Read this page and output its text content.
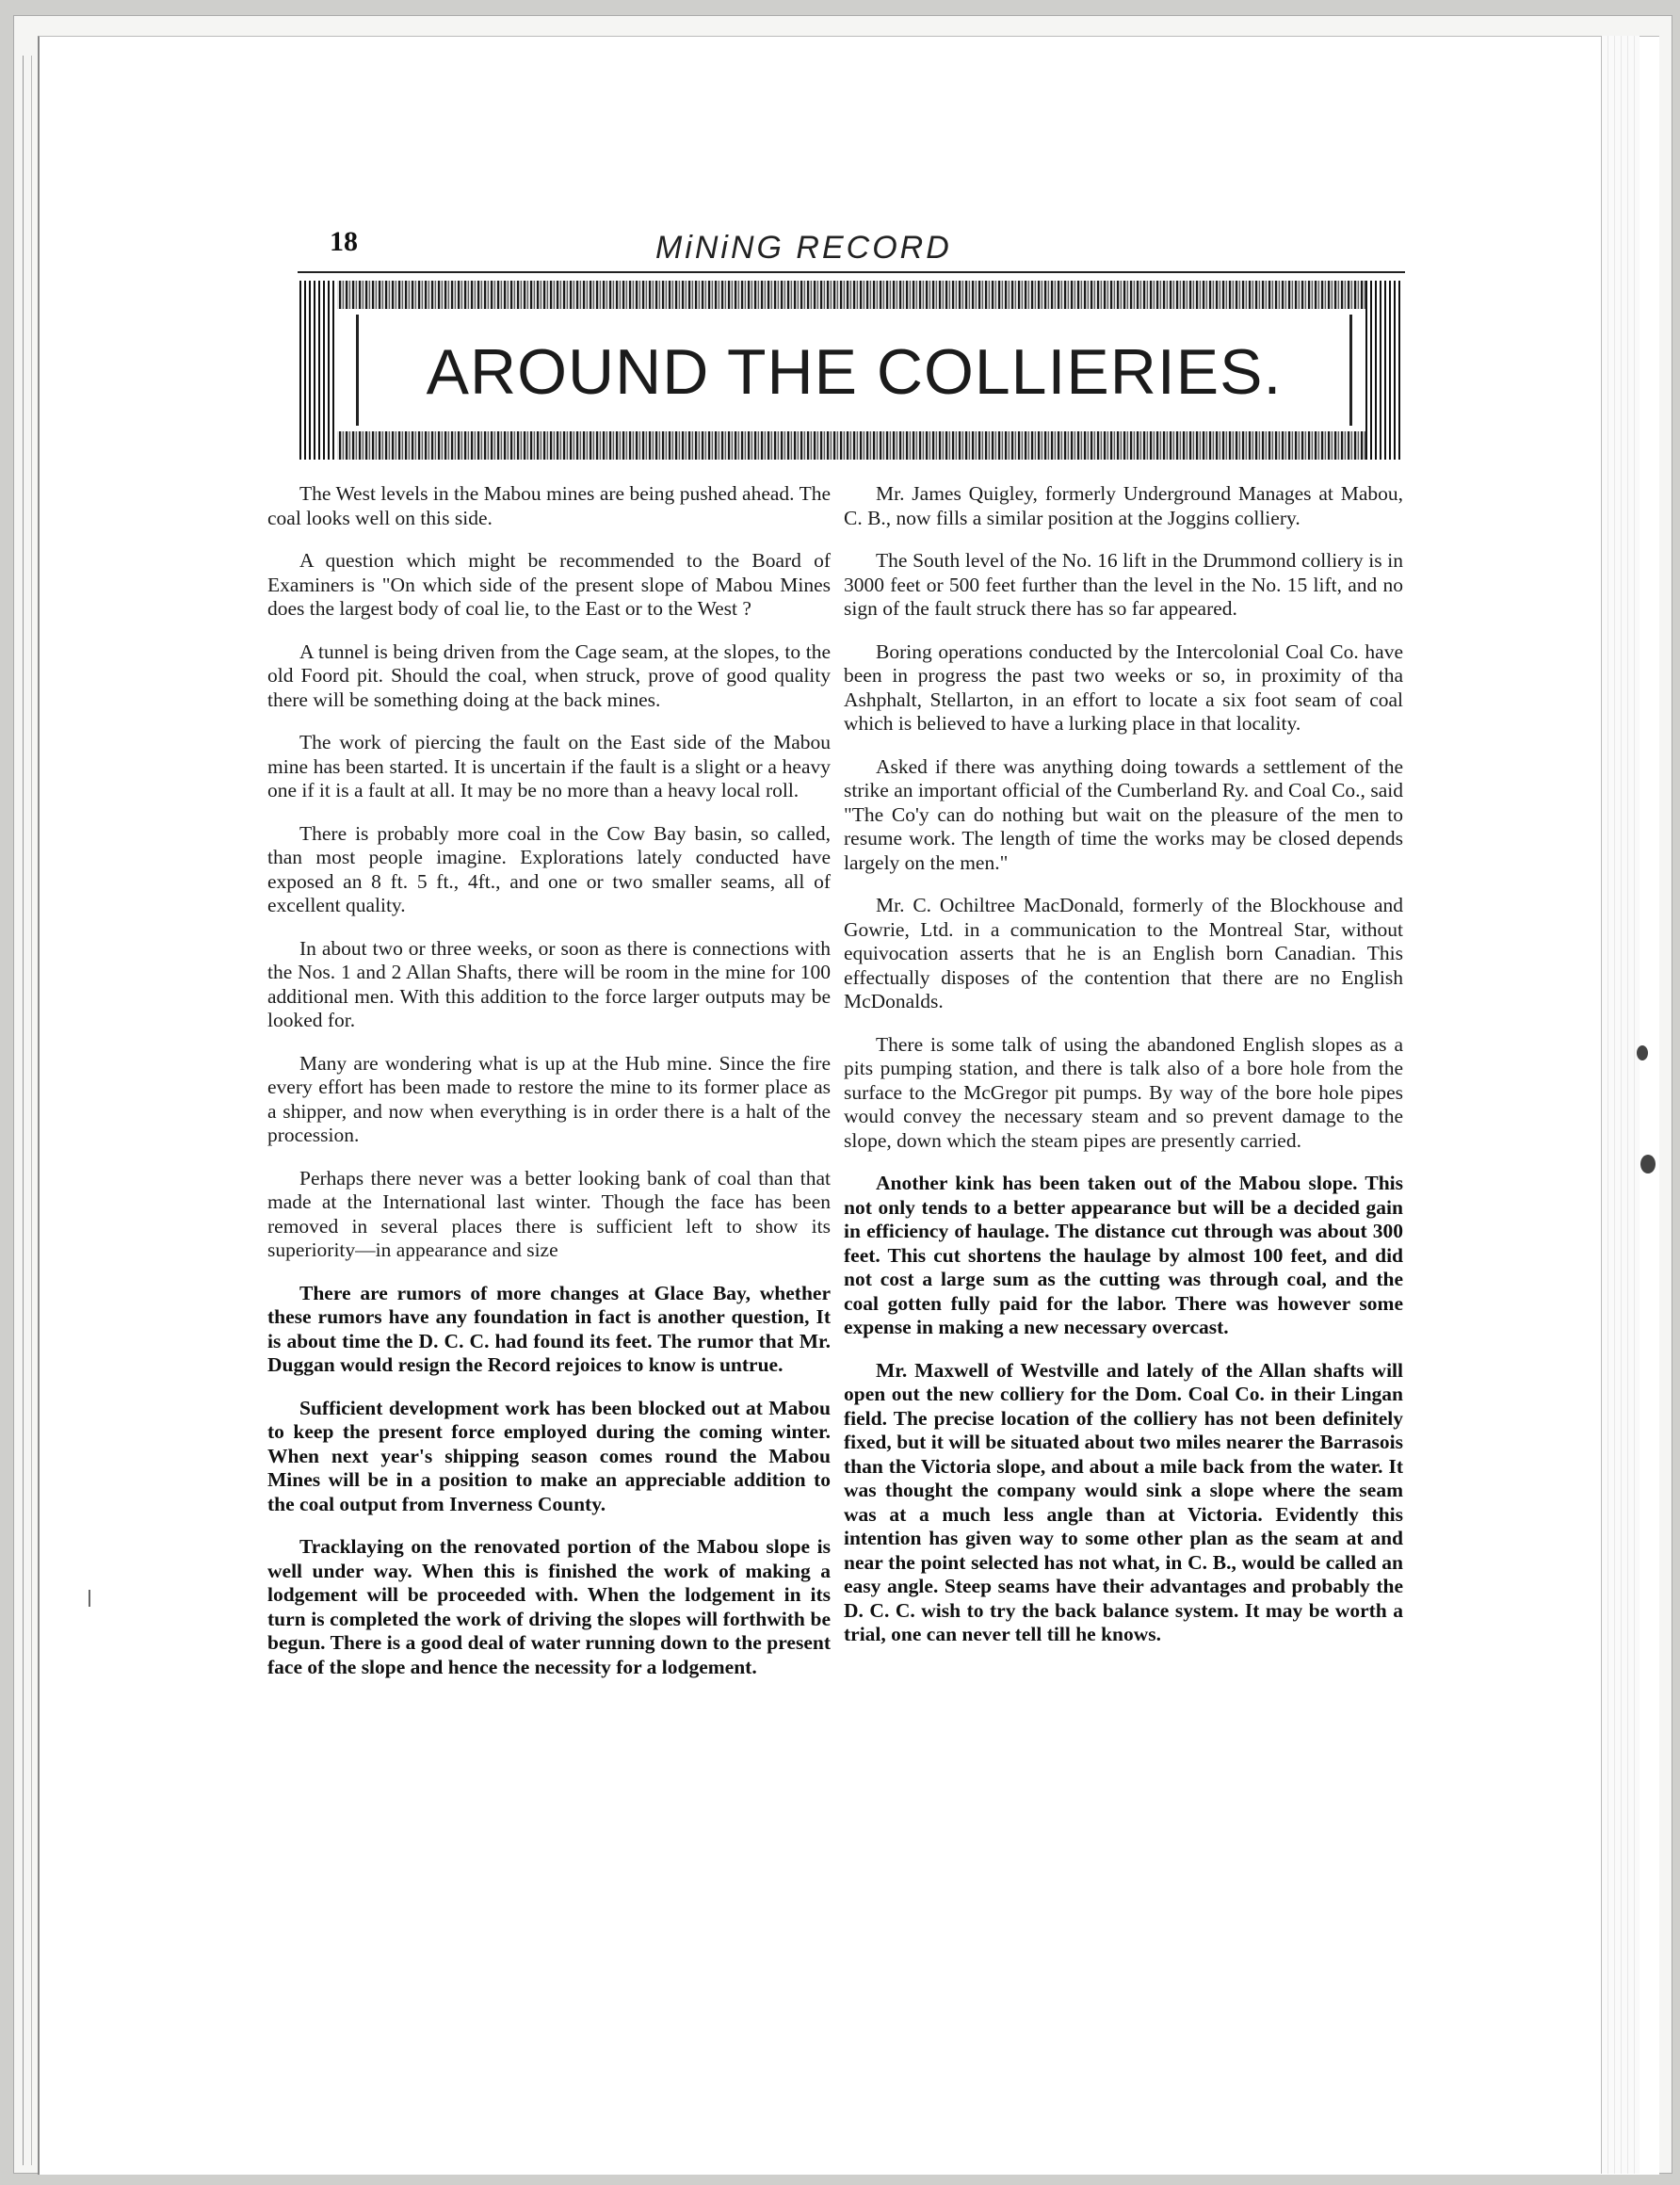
18	MiNiNG RECORD
AROUND THE COLLIERIES.

The West levels in the Mabou mines are being pushed ahead. The coal looks well on this side.

A question which might be recommended to the Board of Examiners is "On which side of the present slope of Mabou Mines does the largest body of coal lie, to the East or to the West ?

A tunnel is being driven from the Cage seam, at the slopes, to the old Foord pit. Should the coal, when struck, prove of good quality there will be something doing at the back mines.

The work of piercing the fault on the East side of the Mabou mine has been started. It is uncertain if the fault is a slight or a heavy one if it is a fault at all. It may be no more than a heavy local roll.

There is probably more coal in the Cow Bay basin, so called, than most people imagine. Explorations lately conducted have exposed an 8 ft. 5 ft., 4ft., and one or two smaller seams, all of excellent quality.

In about two or three weeks, or soon as there is connections with the Nos. 1 and 2 Allan Shafts, there will be room in the mine for 100 additional men. With this addition to the force larger outputs may be looked for.

Many are wondering what is up at the Hub mine. Since the fire every effort has been made to restore the mine to its former place as a shipper, and now when everything is in order there is a halt of the procession.

Perhaps there never was a better looking bank of coal than that made at the International last winter. Though the face has been removed in several places there is sufficient left to show its superiority—in appearance and size

There are rumors of more changes at Glace Bay, whether these rumors have any foundation in fact is another question, It is about time the D. C. C. had found its feet. The rumor that Mr. Duggan would resign the Record rejoices to know is untrue.

Sufficient development work has been blocked out at Mabou to keep the present force employed during the coming winter. When next year's shipping season comes round the Mabou Mines will be in a position to make an appreciable addition to the coal output from Inverness County.

Tracklaying on the renovated portion of the Mabou slope is well under way. When this is finished the work of making a lodgement will be proceeded with. When the lodgement in its turn is completed the work of driving the slopes will forthwith be begun. There is a good deal of water running down to the present face of the slope and hence the necessity for a lodgement.

Mr. James Quigley, formerly Underground Manages at Mabou, C. B., now fills a similar position at the Joggins colliery.

The South level of the No. 16 lift in the Drummond colliery is in 3000 feet or 500 feet further than the level in the No. 15 lift, and no sign of the fault struck there has so far appeared.

Boring operations conducted by the Intercolonial Coal Co. have been in progress the past two weeks or so, in proximity of tha Ashphalt, Stellarton, in an effort to locate a six foot seam of coal which is believed to have a lurking place in that locality.

Asked if there was anything doing towards a settlement of the strike an important official of the Cumberland Ry. and Coal Co., said "The Co'y can do nothing but wait on the pleasure of the men to resume work. The length of time the works may be closed depends largely on the men."

Mr. C. Ochiltree MacDonald, formerly of the Blockhouse and Gowrie, Ltd. in a communication to the Montreal Star, without equivocation asserts that he is an English born Canadian. This effectually disposes of the contention that there are no English McDonalds.

There is some talk of using the abandoned English slopes as a pits pumping station, and there is talk also of a bore hole from the surface to the McGregor pit pumps. By way of the bore hole pipes would convey the necessary steam and so prevent damage to the slope, down which the steam pipes are presently carried.

Another kink has been taken out of the Mabou slope. This not only tends to a better appearance but will be a decided gain in efficiency of haulage. The distance cut through was about 300 feet. This cut shortens the haulage by almost 100 feet, and did not cost a large sum as the cutting was through coal, and the coal gotten fully paid for the labor. There was however some expense in making a new necessary overcast.

Mr. Maxwell of Westville and lately of the Allan shafts will open out the new colliery for the Dom. Coal Co. in their Lingan field. The precise location of the colliery has not been definitely fixed, but it will be situated about two miles nearer the Barrasois than the Victoria slope, and about a mile back from the water. It was thought the company would sink a slope where the seam was at a much less angle than at Victoria. Evidently this intention has given way to some other plan as the seam at and near the point selected has not what, in C. B., would be called an easy angle. Steep seams have their advantages and probably the D. C. C. wish to try the back balance system. It may be worth a trial, one can never tell till he knows.
